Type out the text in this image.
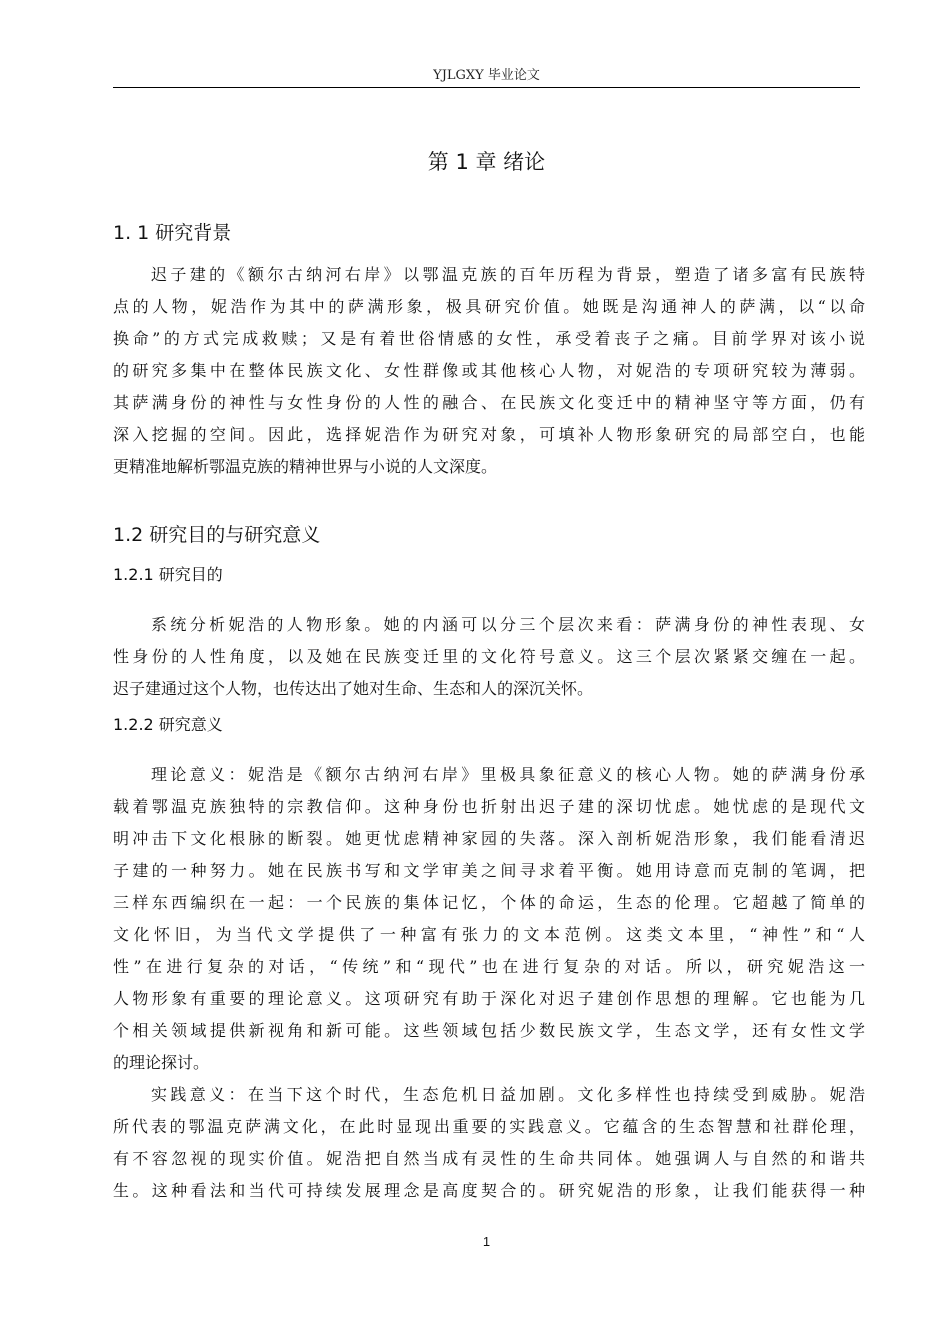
YJLGXY 毕业论文
第 1 章 绪论
1. 1 研究背景
迟子建的《额尔古纳河右岸》以鄂温克族的百年历程为背景，塑造了诸多富有民族特
点的人物，妮浩作为其中的萨满形象，极具研究价值。她既是沟通神人的萨满，以“以命
换命”的方式完成救赎；又是有着世俗情感的女性，承受着丧子之痛。目前学界对该小说
的研究多集中在整体民族文化、女性群像或其他核心人物，对妮浩的专项研究较为薄弱。
其萨满身份的神性与女性身份的人性的融合、在民族文化变迁中的精神坚守等方面，仍有
深入挖掘的空间。因此，选择妮浩作为研究对象，可填补人物形象研究的局部空白，也能
更精准地解析鄂温克族的精神世界与小说的人文深度。
1.2 研究目的与研究意义
1.2.1 研究目的
系统分析妮浩的人物形象。她的内涵可以分三个层次来看：萨满身份的神性表现、女
性身份的人性角度，以及她在民族变迁里的文化符号意义。这三个层次紧紧交缠在一起。
迟子建通过这个人物，也传达出了她对生命、生态和人的深沉关怀。
1.2.2 研究意义
理论意义：妮浩是《额尔古纳河右岸》里极具象征意义的核心人物。她的萨满身份承
载着鄂温克族独特的宗教信仰。这种身份也折射出迟子建的深切忧虑。她忧虑的是现代文
明冲击下文化根脉的断裂。她更忧虑精神家园的失落。深入剖析妮浩形象，我们能看清迟
子建的一种努力。她在民族书写和文学审美之间寻求着平衡。她用诗意而克制的笔调，把
三样东西编织在一起：一个民族的集体记忆，个体的命运，生态的伦理。它超越了简单的
文化怀旧，为当代文学提供了一种富有张力的文本范例。这类文本里，“神性”和“人
性”在进行复杂的对话，“传统”和“现代”也在进行复杂的对话。所以，研究妮浩这一
人物形象有重要的理论意义。这项研究有助于深化对迟子建创作思想的理解。它也能为几
个相关领域提供新视角和新可能。这些领域包括少数民族文学，生态文学，还有女性文学
的理论探讨。
实践意义：在当下这个时代，生态危机日益加剧。文化多样性也持续受到威胁。妮浩
所代表的鄂温克萨满文化，在此时显现出重要的实践意义。它蕴含的生态智慧和社群伦理，
有不容忽视的现实价值。妮浩把自然当成有灵性的生命共同体。她强调人与自然的和谐共
生。这种看法和当代可持续发展理念是高度契合的。研究妮浩的形象，让我们能获得一种
1
